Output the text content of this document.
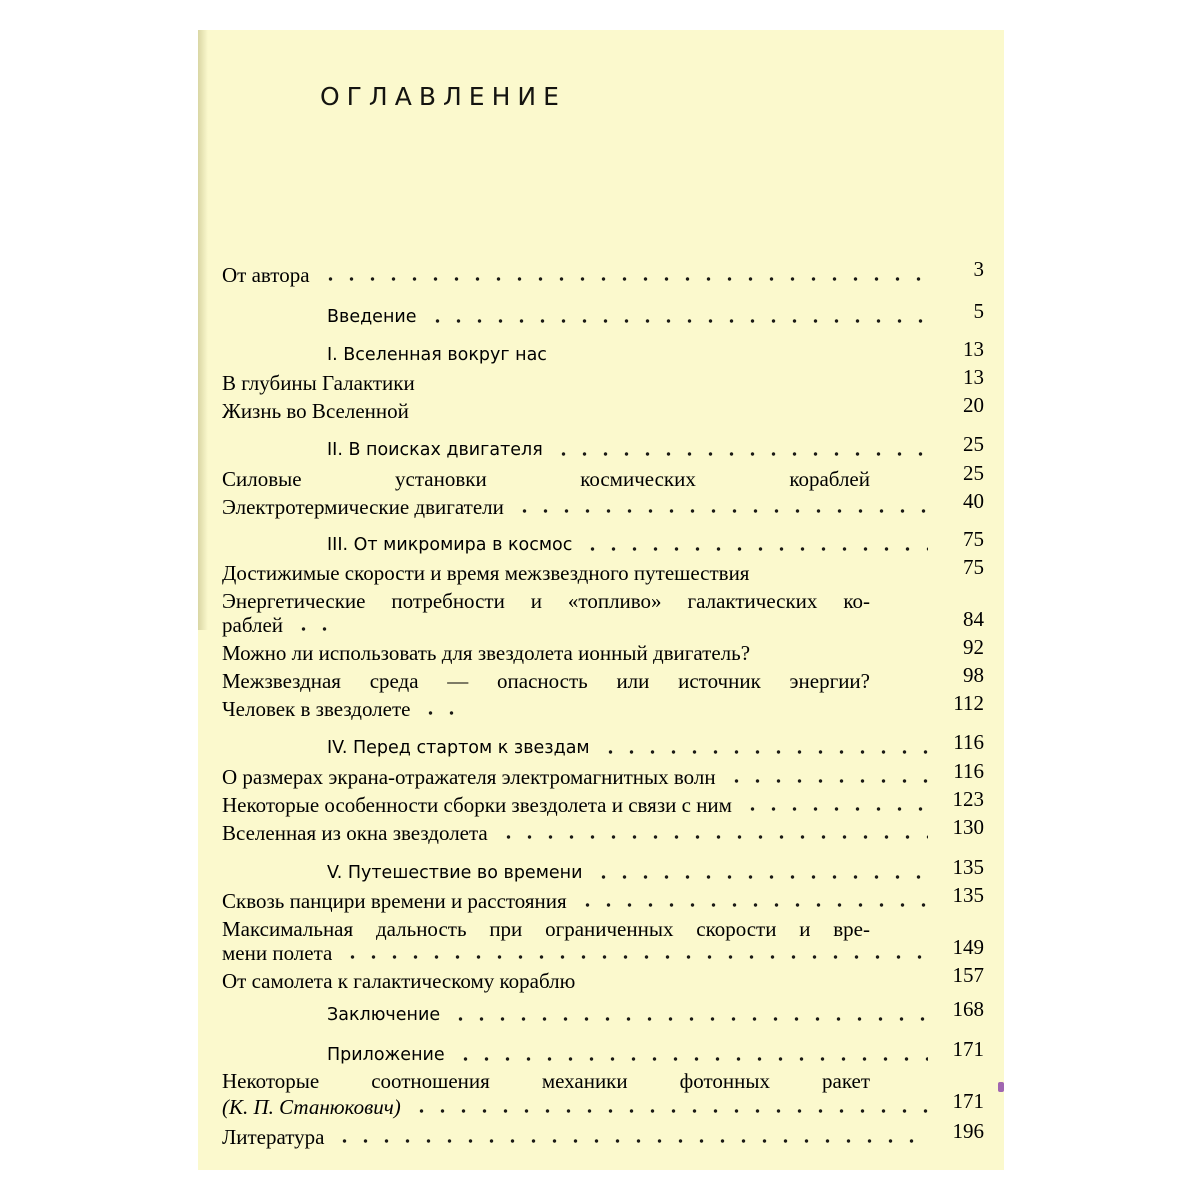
ОГЛАВЛЕНИЕ
От автора	3
Введение	5
I. Вселенная вокруг нас	13
В глубины Галактики	13
Жизнь во Вселенной	20
II. В поисках двигателя	25
Силовые установки космических кораблей	25
Электротермические двигатели	40
III. От микромира в космос	75
Достижимые скорости и время межзвездного путешествия	75
Энергетические потребности и «топливо» галактических ко-
раблей	84
Можно ли использовать для звездолета ионный двигатель?	92
Межзвездная среда — опасность или источник энергии?	98
Человек в звездолете	112
IV. Перед стартом к звездам	116
О размерах экрана-отражателя электромагнитных волн	116
Некоторые особенности сборки звездолета и связи с ним	123
Вселенная из окна звездолета	130
V. Путешествие во времени	135
Сквозь панцири времени и расстояния	135
Максимальная дальность при ограниченных скорости и вре-
мени полета	149
От самолета к галактическому кораблю	157
Заключение	168
Приложение	171
Некоторые соотношения механики фотонных ракет
(К. П. Станюкович)	171
Литература	196
